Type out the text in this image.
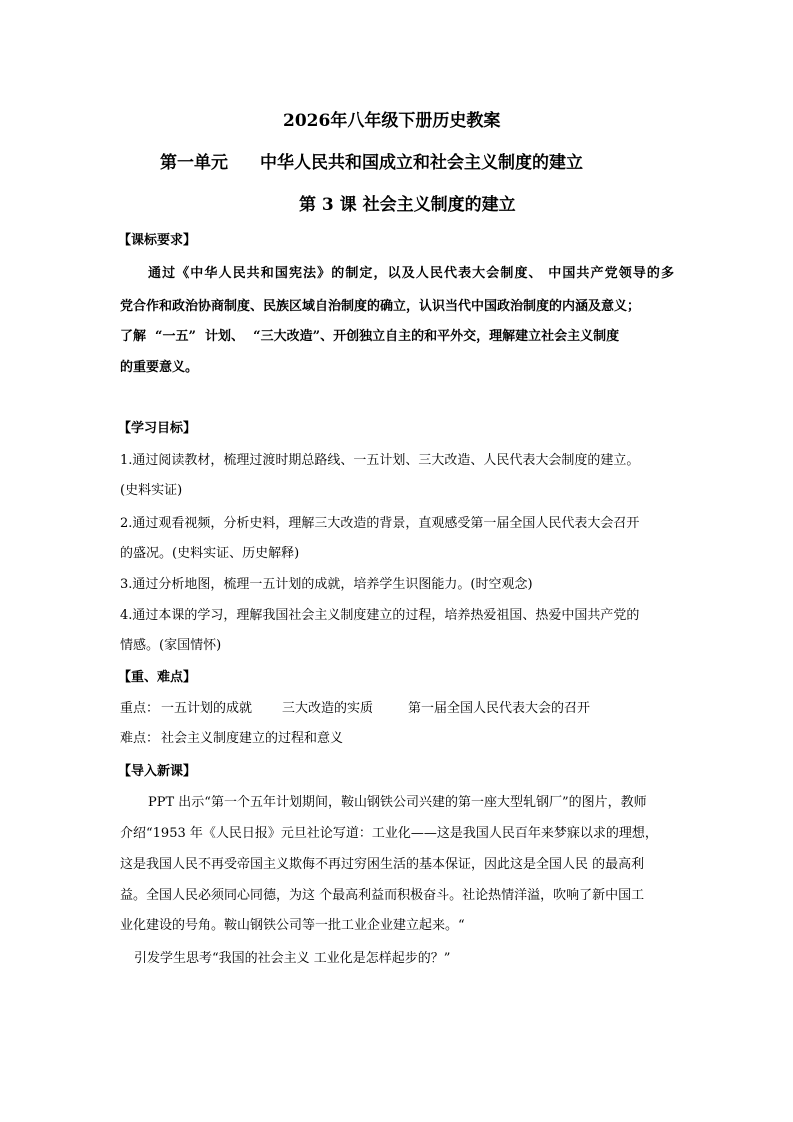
2026年八年级下册历史教案
第一单元 中华人民共和国成立和社会主义制度的建立
第 3 课 社会主义制度的建立
【课标要求】
通过《中华人民共和国宪法》的制定，以及人民代表大会制度、 中国共产党领导的多
党合作和政治协商制度、民族区域自治制度的确立，认识当代中国政治制度的内涵及意义；
了解  “一五”  计划、  “三大改造”、开创独立自主的和平外交，理解建立社会主义制度
的重要意义。
【学习目标】
1.通过阅读教材，梳理过渡时期总路线、一五计划、三大改造、人民代表大会制度的建立。
(史料实证)
2.通过观看视频，分析史料，理解三大改造的背景，直观感受第一届全国人民代表大会召开
的盛况。(史料实证、历史解释)
3.通过分析地图，梳理一五计划的成就，培养学生识图能力。(时空观念)
4.通过本课的学习，理解我国社会主义制度建立的过程，培养热爱祖国、热爱中国共产党的
情感。(家国情怀)
【重、难点】
重点： 一五计划的成就 三大改造的实质	第一届全国人民代表大会的召开
难点： 社会主义制度建立的过程和意义
【导入新课】
PPT 出示“第一个五年计划期间，鞍山钢铁公司兴建的第一座大型轧钢厂”的图片，教师
介绍“1953 年《人民日报》元旦社论写道：工业化——这是我国人民百年来梦寐以求的理想，
这是我国人民不再受帝国主义欺侮不再过穷困生活的基本保证，因此这是全国人民 的最高利
益。全国人民必须同心同德，为这 个最高利益而积极奋斗。社论热情洋溢，吹响了新中国工
业化建设的号角。鞍山钢铁公司等一批工业企业建立起来。“
引发学生思考“我国的社会主义 工业化是怎样起步的？”
